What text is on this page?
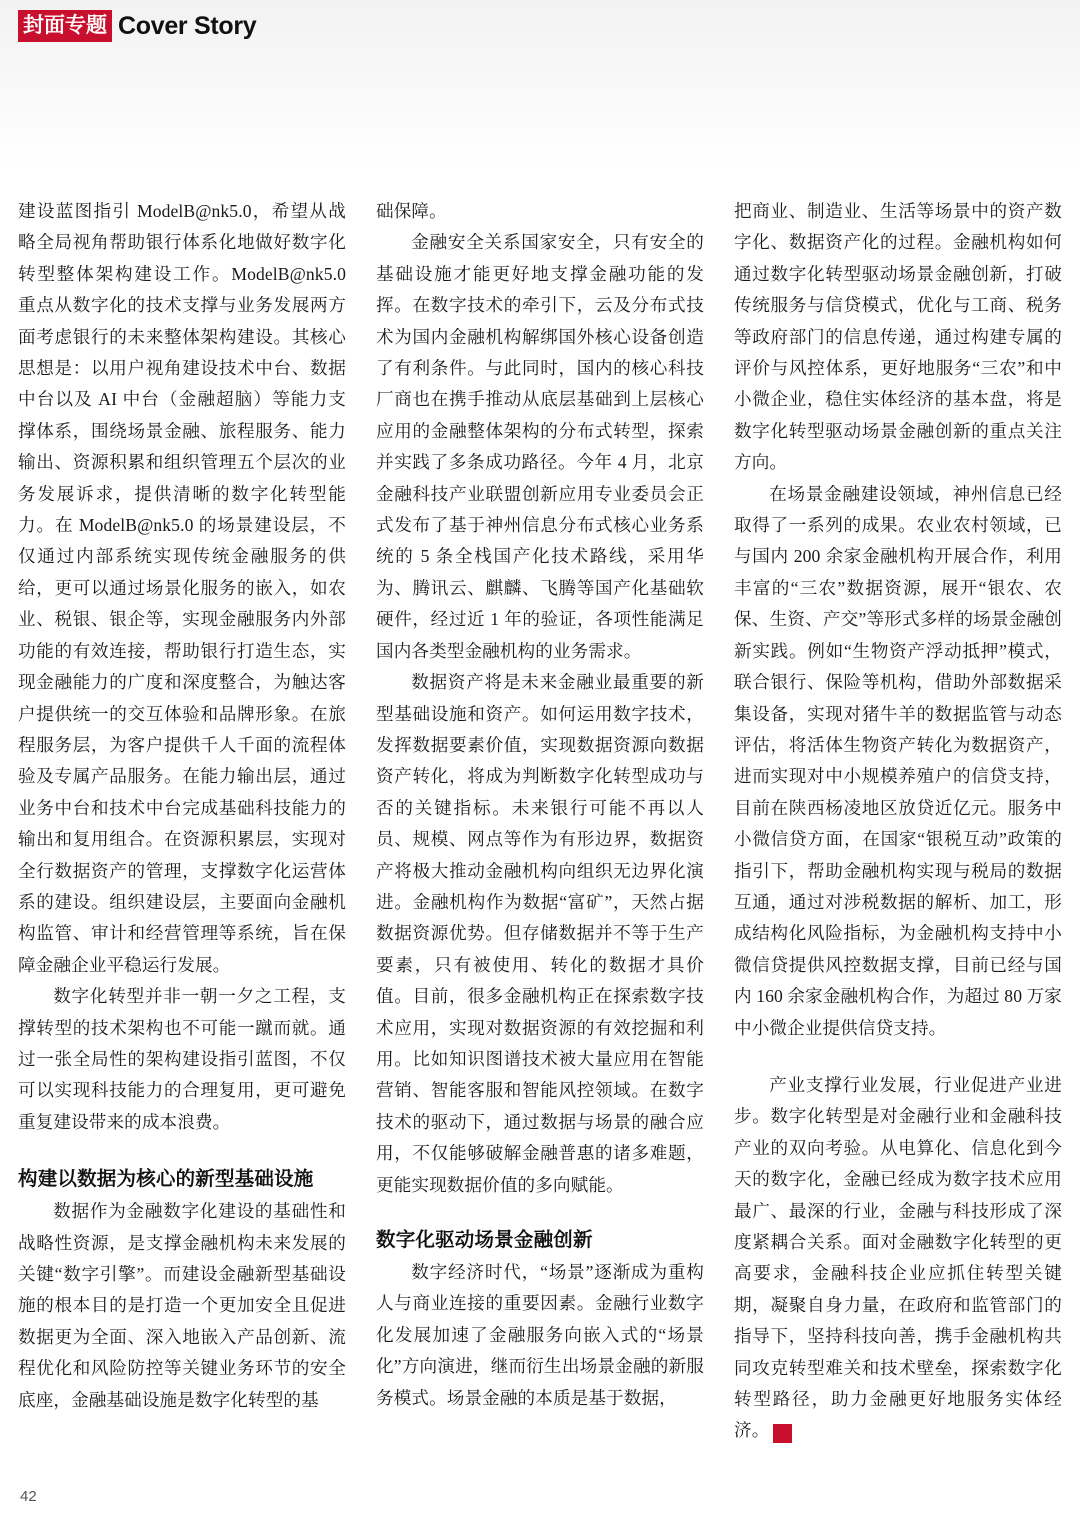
封面专题 Cover Story

建设蓝图指引 ModelB@nk5.0，希望从战略全局视角帮助银行体系化地做好数字化转型整体架构建设工作。ModelB@nk5.0 重点从数字化的技术支撑与业务发展两方面考虑银行的未来整体架构建设。其核心思想是：以用户视角建设技术中台、数据中台以及 AI 中台（金融超脑）等能力支撑体系，围绕场景金融、旅程服务、能力输出、资源积累和组织管理五个层次的业务发展诉求，提供清晰的数字化转型能力。在 ModelB@nk5.0 的场景建设层，不仅通过内部系统实现传统金融服务的供给，更可以通过场景化服务的嵌入，如农业、税银、银企等，实现金融服务内外部功能的有效连接，帮助银行打造生态，实现金融能力的广度和深度整合，为触达客户提供统一的交互体验和品牌形象。在旅程服务层，为客户提供千人千面的流程体验及专属产品服务。在能力输出层，通过业务中台和技术中台完成基础科技能力的输出和复用组合。在资源积累层，实现对全行数据资产的管理，支撑数字化运营体系的建设。组织建设层，主要面向金融机构监管、审计和经营管理等系统，旨在保障金融企业平稳运行发展。

数字化转型并非一朝一夕之工程，支撑转型的技术架构也不可能一蹴而就。通过一张全局性的架构建设指引蓝图，不仅可以实现科技能力的合理复用，更可避免重复建设带来的成本浪费。

构建以数据为核心的新型基础设施

数据作为金融数字化建设的基础性和战略性资源，是支撑金融机构未来发展的关键“数字引擎”。而建设金融新型基础设施的根本目的是打造一个更加安全且促进数据更为全面、深入地嵌入产品创新、流程优化和风险防控等关键业务环节的安全底座，金融基础设施是数字化转型的基

础保障。

金融安全关系国家安全，只有安全的基础设施才能更好地支撑金融功能的发挥。在数字技术的牵引下，云及分布式技术为国内金融机构解绑国外核心设备创造了有利条件。与此同时，国内的核心科技厂商也在携手推动从底层基础到上层核心应用的金融整体架构的分布式转型，探索并实践了多条成功路径。今年 4 月，北京金融科技产业联盟创新应用专业委员会正式发布了基于神州信息分布式核心业务系统的 5 条全栈国产化技术路线，采用华为、腾讯云、麒麟、飞腾等国产化基础软硬件，经过近 1 年的验证，各项性能满足国内各类型金融机构的业务需求。

数据资产将是未来金融业最重要的新型基础设施和资产。如何运用数字技术，发挥数据要素价值，实现数据资源向数据资产转化，将成为判断数字化转型成功与否的关键指标。未来银行可能不再以人员、规模、网点等作为有形边界，数据资产将极大推动金融机构向组织无边界化演进。金融机构作为数据“富矿”，天然占据数据资源优势。但存储数据并不等于生产要素，只有被使用、转化的数据才具价值。目前，很多金融机构正在探索数字技术应用，实现对数据资源的有效挖掘和利用。比如知识图谱技术被大量应用在智能营销、智能客服和智能风控领域。在数字技术的驱动下，通过数据与场景的融合应用，不仅能够破解金融普惠的诸多难题，更能实现数据价值的多向赋能。

数字化驱动场景金融创新

数字经济时代，“场景”逐渐成为重构人与商业连接的重要因素。金融行业数字化发展加速了金融服务向嵌入式的“场景化”方向演进，继而衍生出场景金融的新服务模式。场景金融的本质是基于数据，

把商业、制造业、生活等场景中的资产数字化、数据资产化的过程。金融机构如何通过数字化转型驱动场景金融创新，打破传统服务与信贷模式，优化与工商、税务等政府部门的信息传递，通过构建专属的评价与风控体系，更好地服务“三农”和中小微企业，稳住实体经济的基本盘，将是数字化转型驱动场景金融创新的重点关注方向。

在场景金融建设领域，神州信息已经取得了一系列的成果。农业农村领域，已与国内 200 余家金融机构开展合作，利用丰富的“三农”数据资源，展开“银农、农保、生资、产交”等形式多样的场景金融创新实践。例如“生物资产浮动抵押”模式，联合银行、保险等机构，借助外部数据采集设备，实现对猪牛羊的数据监管与动态评估，将活体生物资产转化为数据资产，进而实现对中小规模养殖户的信贷支持，目前在陕西杨凌地区放贷近亿元。服务中小微信贷方面，在国家“银税互动”政策的指引下，帮助金融机构实现与税局的数据互通，通过对涉税数据的解析、加工，形成结构化风险指标，为金融机构支持中小微信贷提供风控数据支撑，目前已经与国内 160 余家金融机构合作，为超过 80 万家中小微企业提供信贷支持。

产业支撑行业发展，行业促进产业进步。数字化转型是对金融行业和金融科技产业的双向考验。从电算化、信息化到今天的数字化，金融已经成为数字技术应用最广、最深的行业，金融与科技形成了深度紧耦合关系。面对金融数字化转型的更高要求，金融科技企业应抓住转型关键期，凝聚自身力量，在政府和监管部门的指导下，坚持科技向善，携手金融机构共同攻克转型难关和技术壁垒，探索数字化转型路径，助力金融更好地服务实体经济。	企

42
